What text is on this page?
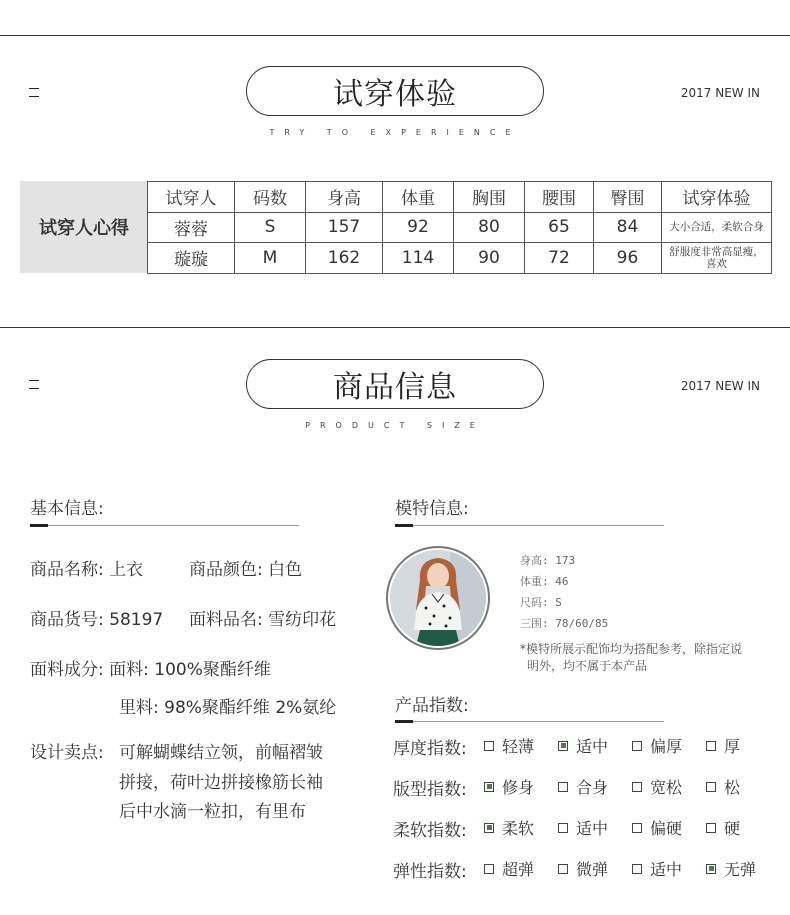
试穿体验
TRY TO EXPERIENCE
2017 NEW IN
试穿人心得
试穿人	码数	身高	体重	胸围	腰围	臀围	试穿体验
蓉蓉	S	157	92	80	65	84	大小合适，柔软合身
璇璇	M	162	114	90	72	96	舒服度非常高显瘦，喜欢
商品信息
PRODUCT SIZE
2017 NEW IN
基本信息:
商品名称: 上衣	商品颜色: 白色
商品货号: 58197 面料品名: 雪纺印花
面料成分: 面料: 100%聚酯纤维
里料: 98%聚酯纤维 2%氨纶
设计卖点: 可解蝴蝶结立领，前幅褶皱
拼接，荷叶边拼接橡筋长袖
后中水滴一粒扣，有里布
模特信息:
身高: 173
体重: 46
尺码: S
三围: 78/60/85
*模特所展示配饰均为搭配参考，除指定说
明外，均不属于本产品
产品指数:
厚度指数: 轻薄	适中	偏厚	厚
版型指数: 修身	合身	宽松	松
柔软指数: 柔软	适中	偏硬	硬
弹性指数: 超弹	微弹	适中	无弹
